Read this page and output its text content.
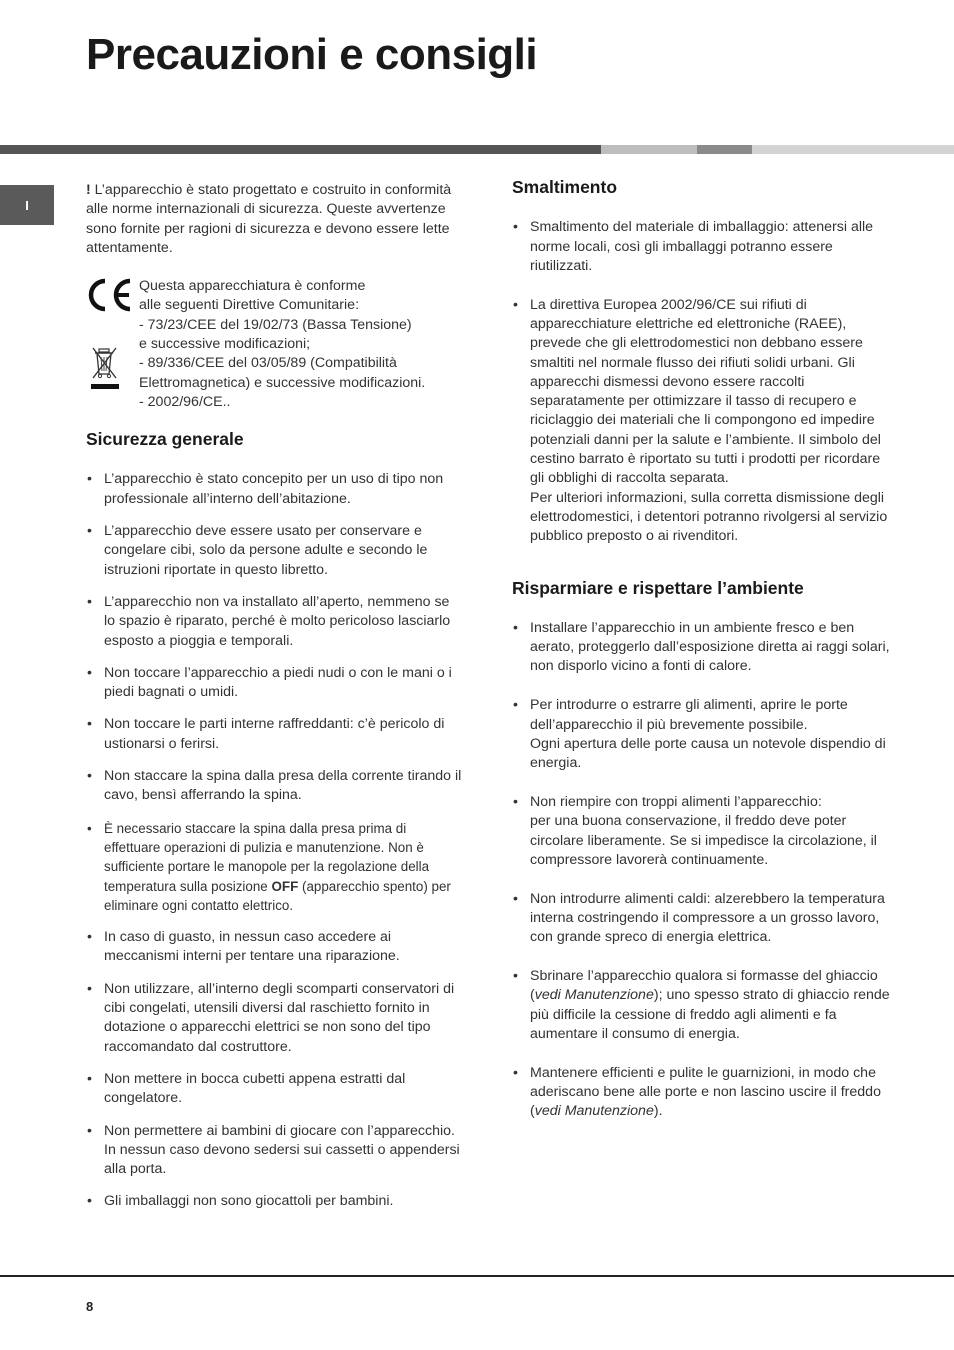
Precauzioni e consigli
I

! L’apparecchio è stato progettato e costruito in conformità alle norme internazionali di sicurezza. Queste avvertenze sono fornite per ragioni di sicurezza e devono essere lette attentamente.

Questa apparecchiatura è conforme
alle seguenti Direttive Comunitarie:
- 73/23/CEE del 19/02/73 (Bassa Tensione)
e successive modificazioni;
- 89/336/CEE del 03/05/89 (Compatibilità
Elettromagnetica) e successive modificazioni.
- 2002/96/CE..
Sicurezza generale
• L’apparecchio è stato concepito per un uso di tipo non professionale all’interno dell’abitazione.
• L’apparecchio deve essere usato per conservare e congelare cibi, solo da persone adulte e secondo le istruzioni riportate in questo libretto.
• L’apparecchio non va installato all’aperto, nemmeno se lo spazio è riparato, perché è molto pericoloso lasciarlo esposto a pioggia e temporali.
• Non toccare l’apparecchio a piedi nudi o con le mani o i piedi bagnati o umidi.
• Non toccare le parti interne raffreddanti: c’è pericolo di ustionarsi o ferirsi.
• Non staccare la spina dalla presa della corrente tirando il cavo, bensì afferrando la spina.
• È necessario staccare la spina dalla presa prima di effettuare operazioni di pulizia e manutenzione. Non è sufficiente portare le manopole per la regolazione della temperatura sulla posizione OFF (apparecchio spento) per eliminare ogni contatto elettrico.
• In caso di guasto, in nessun caso accedere ai meccanismi interni per tentare una riparazione.
• Non utilizzare, all’interno degli scomparti conservatori di cibi congelati, utensili diversi dal raschietto fornito in dotazione o apparecchi elettrici se non sono del tipo raccomandato dal costruttore.
• Non mettere in bocca cubetti appena estratti dal congelatore.
• Non permettere ai bambini di giocare con l’apparecchio. In nessun caso devono sedersi sui cassetti o appendersi alla porta.
• Gli imballaggi non sono giocattoli per bambini.
Smaltimento
• Smaltimento del materiale di imballaggio: attenersi alle norme locali, così gli imballaggi potranno essere riutilizzati.

• La direttiva Europea 2002/96/CE sui rifiuti di apparecchiature elettriche ed elettroniche (RAEE), prevede che gli elettrodomestici non debbano essere smaltiti nel normale flusso dei rifiuti solidi urbani. Gli apparecchi dismessi devono essere raccolti separatamente per ottimizzare il tasso di recupero e riciclaggio dei materiali che li compongono ed impedire potenziali danni per la salute e l’ambiente. Il simbolo del cestino barrato è riportato su tutti i prodotti per ricordare gli obblighi di raccolta separata.

Per ulteriori informazioni, sulla corretta dismissione degli elettrodomestici, i detentori potranno rivolgersi al servizio pubblico preposto o ai rivenditori.

Risparmiare e rispettare l’ambiente
• Installare l’apparecchio in un ambiente fresco e ben aerato, proteggerlo dall’esposizione diretta ai raggi solari, non disporlo vicino a fonti di calore.

• Per introdurre o estrarre gli alimenti, aprire le porte dell’apparecchio il più brevemente possibile.

Ogni apertura delle porte causa un notevole dispendio di energia.

• Non riempire con troppi alimenti l’apparecchio:

per una buona conservazione, il freddo deve poter circolare liberamente. Se si impedisce la circolazione, il compressore lavorerà continuamente.

• Non introdurre alimenti caldi: alzerebbero la temperatura interna costringendo il compressore a un grosso lavoro, con grande spreco di energia elettrica.
• Sbrinare l’apparecchio qualora si formasse del ghiaccio (vedi Manutenzione); uno spesso strato di ghiaccio rende più difficile la cessione di freddo agli alimenti e fa aumentare il consumo di energia.
• Mantenere efficienti e pulite le guarnizioni, in modo che aderiscano bene alle porte e non lascino uscire il freddo (vedi Manutenzione).
8
